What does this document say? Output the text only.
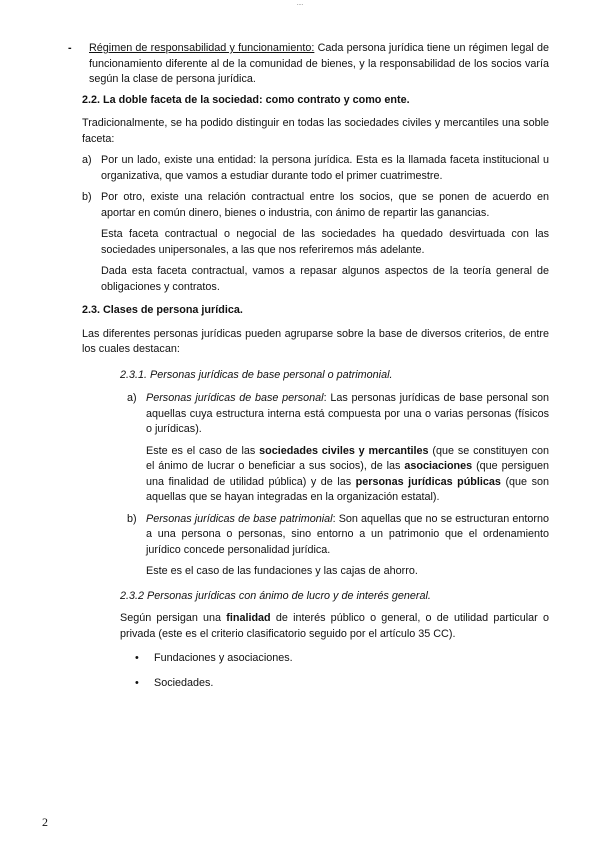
....
- Régimen de responsabilidad y funcionamiento: Cada persona jurídica tiene un régimen legal de funcionamiento diferente al de la comunidad de bienes, y la responsabilidad de los socios varía según la clase de persona jurídica.

2.2. La doble faceta de la sociedad: como contrato y como ente.

Tradicionalmente, se ha podido distinguir en todas las sociedades civiles y mercantiles una soble faceta:

a) Por un lado, existe una entidad: la persona jurídica. Esta es la llamada faceta institucional u organizativa, que vamos a estudiar durante todo el primer cuatrimestre.
b) Por otro, existe una relación contractual entre los socios, que se ponen de acuerdo en aportar en común dinero, bienes o industria, con ánimo de repartir las ganancias.

Esta faceta contractual o negocial de las sociedades ha quedado desvirtuada con las sociedades unipersonales, a las que nos referiremos más adelante.

Dada esta faceta contractual, vamos a repasar algunos aspectos de la teoría general de obligaciones y contratos.

2.3. Clases de persona jurídica.

Las diferentes personas jurídicas pueden agruparse sobre la base de diversos criterios, de entre los cuales destacan:

2.3.1. Personas jurídicas de base personal o patrimonial.

a) Personas jurídicas de base personal: Las personas jurídicas de base personal son aquellas cuya estructura interna está compuesta por una o varias personas (físicos o jurídicas).

Este es el caso de las sociedades civiles y mercantiles (que se constituyen con el ánimo de lucrar o beneficiar a sus socios), de las asociaciones (que persiguen una finalidad de utilidad pública) y de las personas jurídicas públicas (que son aquellas que se hayan integradas en la organización estatal).

b) Personas jurídicas de base patrimonial: Son aquellas que no se estructuran entorno a una persona o personas, sino entorno a un patrimonio que el ordenamiento jurídico concede personalidad jurídica.

Este es el caso de las fundaciones y las cajas de ahorro.

2.3.2 Personas jurídicas con ánimo de lucro y de interés general.

Según persigan una finalidad de interés público o general, o de utilidad particular o privada (este es el criterio clasificatorio seguido por el artículo 35 CC).

• Fundaciones y asociaciones.
• Sociedades.
2
